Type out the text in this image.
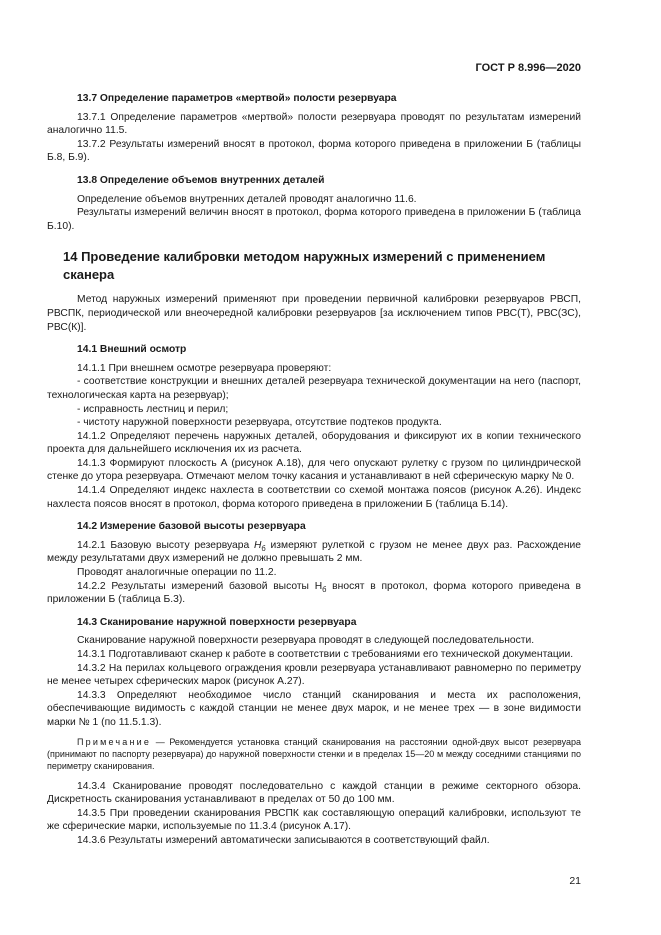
ГОСТ Р 8.996—2020
13.7 Определение параметров «мертвой» полости резервуара

13.7.1 Определение параметров «мертвой» полости резервуара проводят по результатам измерений аналогично 11.5.

13.7.2 Результаты измерений вносят в протокол, форма которого приведена в приложении Б (таблицы Б.8, Б.9).

13.8 Определение объемов внутренних деталей

Определение объемов внутренних деталей проводят аналогично 11.6.

Результаты измерений величин вносят в протокол, форма которого приведена в приложении Б (таблица Б.10).

14 Проведение калибровки методом наружных измерений с применением сканера

Метод наружных измерений применяют при проведении первичной калибровки резервуаров РВСП, РВСПК, периодической или внеочередной калибровки резервуаров [за исключением типов РВС(Т), РВС(ЗС), РВС(К)].

14.1 Внешний осмотр

14.1.1 При внешнем осмотре резервуара проверяют:

- соответствие конструкции и внешних деталей резервуара технической документации на него (паспорт, технологическая карта на резервуар);

- исправность лестниц и перил;

- чистоту наружной поверхности резервуара, отсутствие подтеков продукта.

14.1.2 Определяют перечень наружных деталей, оборудования и фиксируют их в копии технического проекта для дальнейшего исключения их из расчета.

14.1.3 Формируют плоскость А (рисунок А.18), для чего опускают рулетку с грузом по цилиндрической стенке до утора резервуара. Отмечают мелом точку касания и устанавливают в ней сферическую марку № 0.

14.1.4 Определяют индекс нахлеста в соответствии со схемой монтажа поясов (рисунок А.26). Индекс нахлеста поясов вносят в протокол, форма которого приведена в приложении Б (таблица Б.14).

14.2 Измерение базовой высоты резервуара

14.2.1 Базовую высоту резервуара $H_б$ измеряют рулеткой с грузом не менее двух раз. Расхождение между результатами двух измерений не должно превышать 2 мм.

Проводят аналогичные операции по 11.2.

14.2.2 Результаты измерений базовой высоты $Н_б$ вносят в протокол, форма которого приведена в приложении Б (таблица Б.3).

14.3 Сканирование наружной поверхности резервуара

Сканирование наружной поверхности резервуара проводят в следующей последовательности.

14.3.1 Подготавливают сканер к работе в соответствии с требованиями его технической документации.

14.3.2 На перилах кольцевого ограждения кровли резервуара устанавливают равномерно по периметру не менее четырех сферических марок (рисунок А.27).

14.3.3 Определяют необходимое число станций сканирования и места их расположения, обеспечивающие видимость с каждой станции не менее двух марок, и не менее трех — в зоне видимости марки № 1 (по 11.5.1.3).

Примечание — Рекомендуется установка станций сканирования на расстоянии одной-двух высот резервуара (принимают по паспорту резервуара) до наружной поверхности стенки и в пределах 15—20 м между соседними станциями по периметру сканирования.

14.3.4 Сканирование проводят последовательно с каждой станции в режиме секторного обзора. Дискретность сканирования устанавливают в пределах от 50 до 100 мм.

14.3.5 При проведении сканирования РВСПК как составляющую операций калибровки, используют те же сферические марки, используемые по 11.3.4 (рисунок А.17).

14.3.6 Результаты измерений автоматически записываются в соответствующий файл.

21
